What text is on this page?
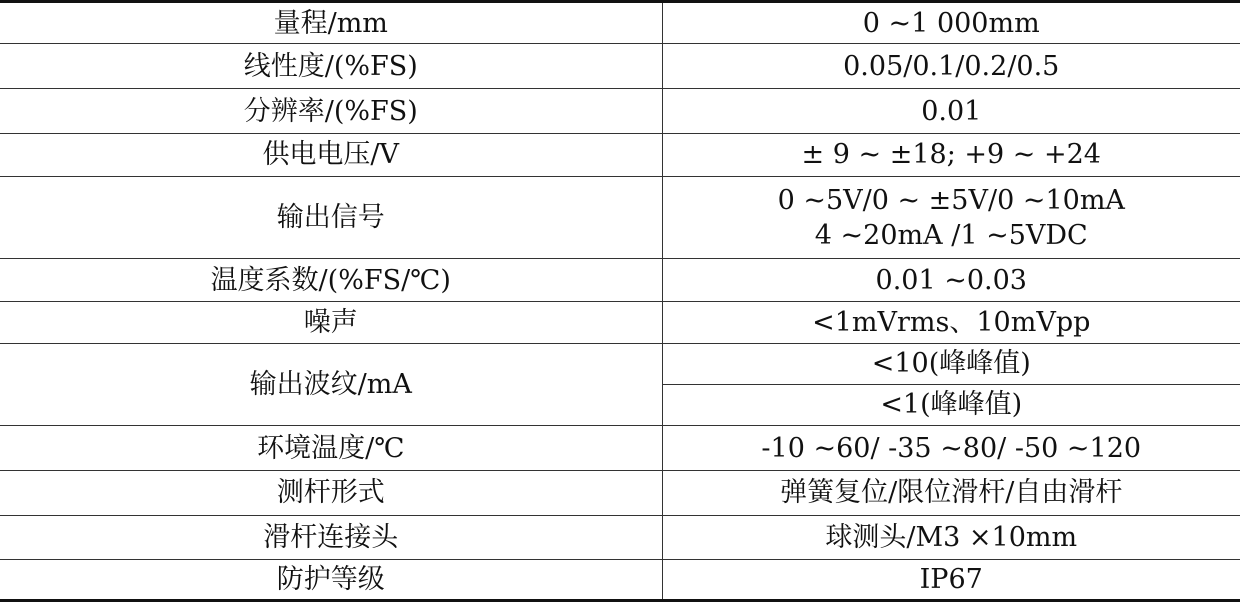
量程/mm	0 ~1 000mm
线性度/(%FS)	0.05/0.1/0.2/0.5
分辨率/(%FS)	0.01
供电电压/V	± 9 ~ ±18; +9 ~ +24
输出信号	0 ~5V/0 ~ ±5V/0 ~10mA
4 ~20mA /1 ~5VDC

温度系数/(%FS/℃)	0.01 ~0.03
噪声	<1mVrms、10mVpp
输出波纹/mA	<10(峰峰值)
	<1(峰峰值)
环境温度/℃	-10 ~60/ -35 ~80/ -50 ~120
测杆形式	弹簧复位/限位滑杆/自由滑杆
滑杆连接头	球测头/M3 ×10mm
防护等级	IP67
